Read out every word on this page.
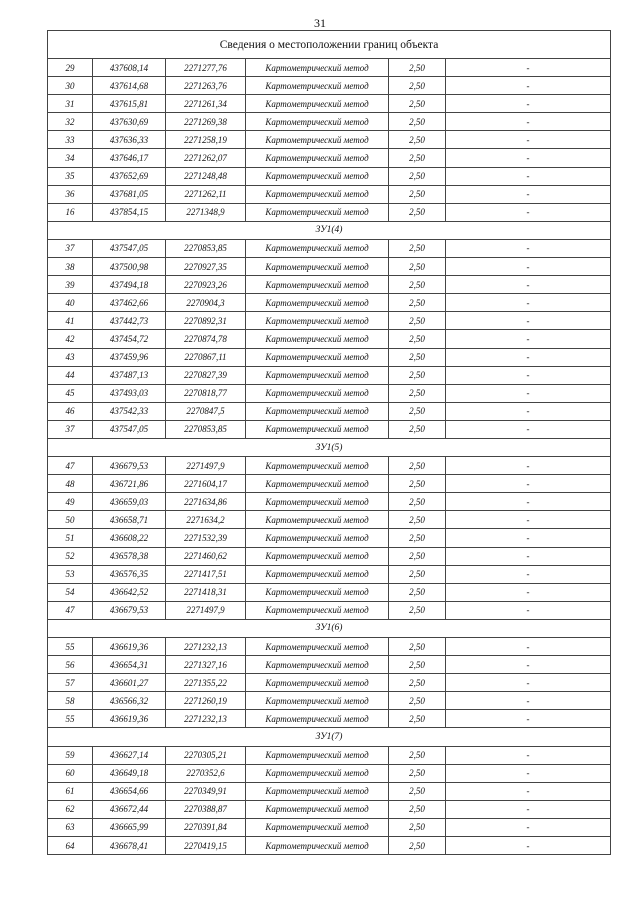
31
Сведения о местоположении границ объекта					
29	437608,14	2271277,76	Картометрический метод	2,50	-
30	437614,68	2271263,76	Картометрический метод	2,50	-
31	437615,81	2271261,34	Картометрический метод	2,50	-
32	437630,69	2271269,38	Картометрический метод	2,50	-
33	437636,33	2271258,19	Картометрический метод	2,50	-
34	437646,17	2271262,07	Картометрический метод	2,50	-
35	437652,69	2271248,48	Картометрический метод	2,50	-
36	437681,05	2271262,11	Картометрический метод	2,50	-
16	437854,15	2271348,9	Картометрический метод	2,50	-
ЗУ1(4)					
37	437547,05	2270853,85	Картометрический метод	2,50	-
38	437500,98	2270927,35	Картометрический метод	2,50	-
39	437494,18	2270923,26	Картометрический метод	2,50	-
40	437462,66	2270904,3	Картометрический метод	2,50	-
41	437442,73	2270892,31	Картометрический метод	2,50	-
42	437454,72	2270874,78	Картометрический метод	2,50	-
43	437459,96	2270867,11	Картометрический метод	2,50	-
44	437487,13	2270827,39	Картометрический метод	2,50	-
45	437493,03	2270818,77	Картометрический метод	2,50	-
46	437542,33	2270847,5	Картометрический метод	2,50	-
37	437547,05	2270853,85	Картометрический метод	2,50	-
ЗУ1(5)					
47	436679,53	2271497,9	Картометрический метод	2,50	-
48	436721,86	2271604,17	Картометрический метод	2,50	-
49	436659,03	2271634,86	Картометрический метод	2,50	-
50	436658,71	2271634,2	Картометрический метод	2,50	-
51	436608,22	2271532,39	Картометрический метод	2,50	-
52	436578,38	2271460,62	Картометрический метод	2,50	-
53	436576,35	2271417,51	Картометрический метод	2,50	-
54	436642,52	2271418,31	Картометрический метод	2,50	-
47	436679,53	2271497,9	Картометрический метод	2,50	-
ЗУ1(6)					
55	436619,36	2271232,13	Картометрический метод	2,50	-
56	436654,31	2271327,16	Картометрический метод	2,50	-
57	436601,27	2271355,22	Картометрический метод	2,50	-
58	436566,32	2271260,19	Картометрический метод	2,50	-
55	436619,36	2271232,13	Картометрический метод	2,50	-
ЗУ1(7)					
59	436627,14	2270305,21	Картометрический метод	2,50	-
60	436649,18	2270352,6	Картометрический метод	2,50	-
61	436654,66	2270349,91	Картометрический метод	2,50	-
62	436672,44	2270388,87	Картометрический метод	2,50	-
63	436665,99	2270391,84	Картометрический метод	2,50	-
64	436678,41	2270419,15	Картометрический метод	2,50	-
